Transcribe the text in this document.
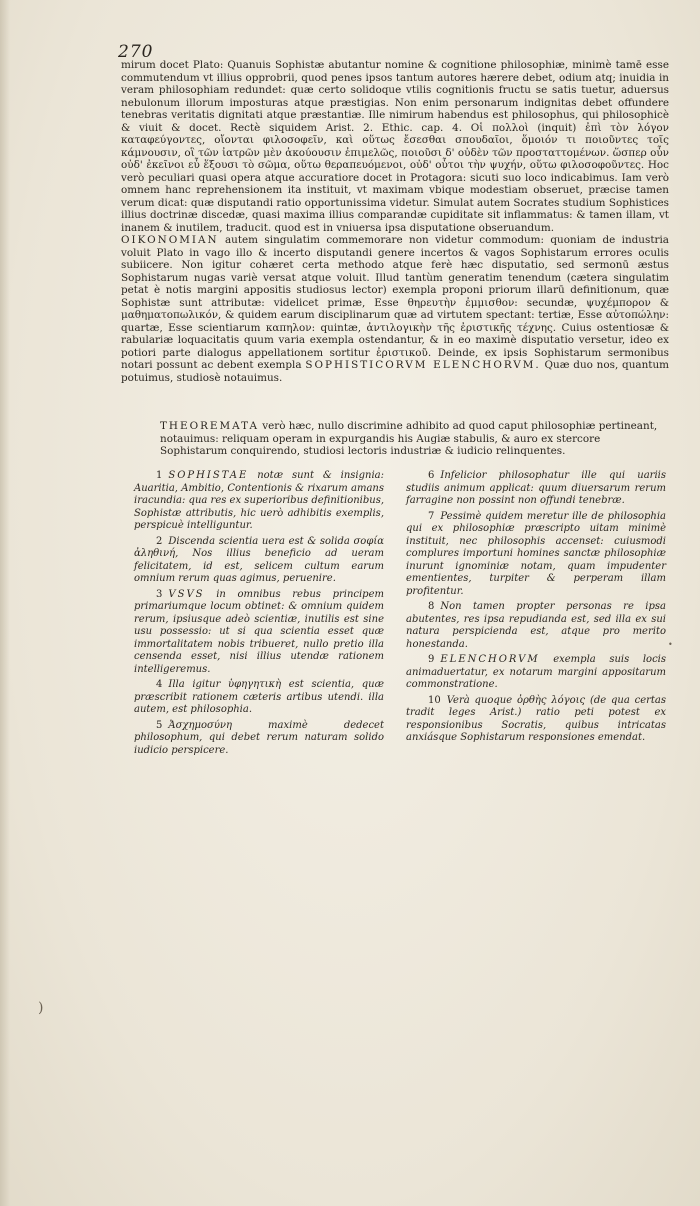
270

mirum docet Plato: Quanuis Sophistæ abutantur nomine & cognitione philosophiæ, minimè tamē esse commutendum vt illius opprobrii, quod penes ipsos tantum autores hærere debet, odium atq; inuidia in veram philosophiam redundet: quæ certo solidoque vtilis cognitionis fructu se satis tuetur, aduersus nebulonum illorum imposturas atque præstigias. Non enim personarum indignitas debet offundere tenebras veritatis dignitati atque præstantiæ. Ille nimirum habendus est philosophus, qui philosophicè & viuit & docet. Rectè siquidem Arist. 2. Ethic. cap. 4. Οἱ πολλοὶ (inquit) ἐπὶ τὸν λόγον καταφεύγοντες, οἴονται φιλοσοφεῖν, καὶ οὕτως ἔσεσθαι σπουδαῖοι, ὅμοιόν τι ποιοῦντες τοῖς κάμνουσιν, οἳ τῶν ἰατρῶν μὲν ἀκούουσιν ἐπιμελῶς, ποιοῦσι δ' οὐδὲν τῶν προσταττομένων. ὥσπερ οὖν οὐδ' ἐκεῖνοι εὖ ἕξουσι τὸ σῶμα, οὕτω θεραπευόμενοι, οὐδ' οὗτοι τὴν ψυχήν, οὕτω φιλοσοφοῦντες. Hoc verò peculiari quasi opera atque accuratiore docet in Protagora: sicuti suo loco indicabimus. Iam verò omnem hanc reprehensionem ita instituit, vt maximam vbique modestiam obseruet, præcise tamen verum dicat: quæ disputandi ratio opportunissima videtur. Simulat autem Socrates studium Sophistices illius doctrinæ discedæ, quasi maxima illius comparandæ cupiditate sit inflammatus: & tamen illam, vt inanem & inutilem, traducit. quod est in vniuersa ipsa disputatione obseruandum.

OIKONOMIAN autem singulatim commemorare non videtur commodum: quoniam de industria voluit Plato in vago illo & incerto disputandi genere incertos & vagos Sophistarum errores oculis subiicere. Non igitur cohæret certa methodo atque ferè hæc disputatio, sed sermonū æstus Sophistarum nugas variè versat atque voluit. Illud tantùm generatim tenendum (cætera singulatim petat è notis margini appositis studiosus lector) exempla proponi priorum illarū definitionum, quæ Sophistæ sunt attributæ: videlicet primæ, Esse θηρευτὴν ἐμμισθον: secundæ, ψυχέμπορον & μαθηματοπωλικόν, & quidem earum disciplinarum quæ ad virtutem spectant: tertiæ, Esse αὐτοπώλην: quartæ, Esse scientiarum καπηλον: quintæ, ἀντιλογικὴν τῆς ἐριστικῆς τέχνης. Cuius ostentiosæ & rabulariæ loquacitatis quum varia exempla ostendantur, & in eo maximè disputatio versetur, ideo ex potiori parte dialogus appellationem sortitur ἐριστικοῦ. Deinde, ex ipsis Sophistarum sermonibus notari possunt ac debent exempla SOPHISTICORVM ELENCHORVM. Quæ duo nos, quantum potuimus, studiosè notauimus.

THEOREMATA verò hæc, nullo discrimine adhibito ad quod caput philosophiæ pertineant, notauimus: reliquam operam in expurgandis his Augiæ stabulis, & auro ex stercore Sophistarum conquirendo, studiosi lectoris industriæ & iudicio relinquentes.

1 SOPHISTAE notæ sunt & insignia: Auaritia, Ambitio, Contentionis & rixarum amans iracundia: qua res ex superioribus definitionibus, Sophistæ attributis, hic uerò adhibitis exemplis, perspicuè intelliguntur.

2 Discenda scientia uera est & solida σοφία ἀληθινή, Nos illius beneficio ad ueram felicitatem, id est, selicem cultum earum omnium rerum quas agimus, peruenire.

3 VSVS in omnibus rebus principem primariumque locum obtinet: & omnium quidem rerum, ipsiusque adeò scientiæ, inutilis est sine usu possessio: ut si qua scientia esset quæ immortalitatem nobis tribueret, nullo pretio illa censenda esset, nisi illius utendæ rationem intelligeremus.

4 Illa igitur ὑφηγητικὴ est scientia, quæ præscribit rationem cæteris artibus utendi. illa autem, est philosophia.

5 Ἀσχημοσύνη maximè dedecet philosophum, qui debet rerum naturam solido iudicio perspicere.

6 Infelicior philosophatur ille qui uariis studiis animum applicat: quum diuersarum rerum farragine non possint non offundi tenebræ.

7 Pessimè quidem meretur ille de philosophia qui ex philosophiæ præscripto uitam minimè instituit, nec philosophis accenset: cuiusmodi complures importuni homines sanctæ philosophiæ inurunt ignominiæ notam, quam impudenter ementientes, turpiter & perperam illam profitentur.

8 Non tamen propter personas re ipsa abutentes, res ipsa repudianda est, sed illa ex sui natura perspicienda est, atque pro merito honestanda.

9 ELENCHORVM exempla suis locis animaduertatur, ex notarum margini appositarum commonstratione.

10 Verà quoque ὀρθὴς λόγοις (de qua certas tradit leges Arist.) ratio peti potest ex responsionibus Socratis, quibus intricatas anxiásque Sophistarum responsiones emendat.

)
•
